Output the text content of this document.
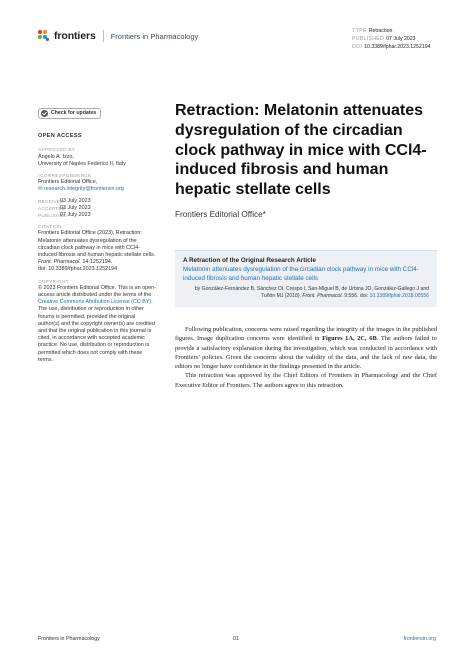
frontiers Frontiers in Pharmacology
TYPE Retraction
PUBLISHED 07 July 2023
DOI 10.3389/fphar.2023.1252194
Check for updates
OPEN ACCESS
APPROVED BY
Angelo A. Izzo,
University of Naples Federico II, Italy
*CORRESPONDENCE
Frontiers Editorial Office,
✉ research.integrity@frontiersin.org
RECEIVED
03 July 2023
ACCEPTED
03 July 2023
PUBLISHED
07 July 2023
CITATION
Frontiers Editorial Office (2023), Retraction: Melatonin attenuates dysregulation of the circadian clock pathway in mice with CCl4-induced fibrosis and human hepatic stellate cells. Front. Pharmacol. 14:1252194.
doi: 10.3389/fphar.2023.1252194
COPYRIGHT
© 2023 Frontiers Editorial Office. This is an open-access article distributed under the terms of the Creative Commons Attribution License (CC BY). The use, distribution or reproduction in other forums is permitted, provided the original author(s) and the copyright owner(s) are credited and that the original publication in this journal is cited, in accordance with accepted academic practice. No use, distribution or reproduction is permitted which does not comply with these terms.
Retraction: Melatonin attenuates dysregulation of the circadian clock pathway in mice with CCl4-induced fibrosis and human hepatic stellate cells
Frontiers Editorial Office*
A Retraction of the Original Research Article
Melatonin attenuates dysregulation of the circadian clock pathway in mice with CCl4-induced fibrosis and human hepatic stellate cells
by González-Fernández B, Sánchez DI, Crespo I, San-Miguel B, de Urbina JO, González-Gallego J and Tuñón MJ (2018). Front. Pharmacol. 9:556. doi: 10.3389/fphar.2018.00556

Following publication, concerns were raised regarding the integrity of the images in the published figures. Image duplication concerns were identified in Figures 1A, 2C, 6B. The authors failed to provide a satisfactory explanation during the investigation, which was conducted in accordance with Frontiers’ policies. Given the concerns about the validity of the data, and the lack of raw data, the editors no longer have confidence in the findings presented in the article.

This retraction was approved by the Chief Editors of Frontiers in Pharmacology and the Chief Executive Editor of Frontiers. The authors agree to this retraction.

Frontiers in Pharmacology	01	frontiersin.org
